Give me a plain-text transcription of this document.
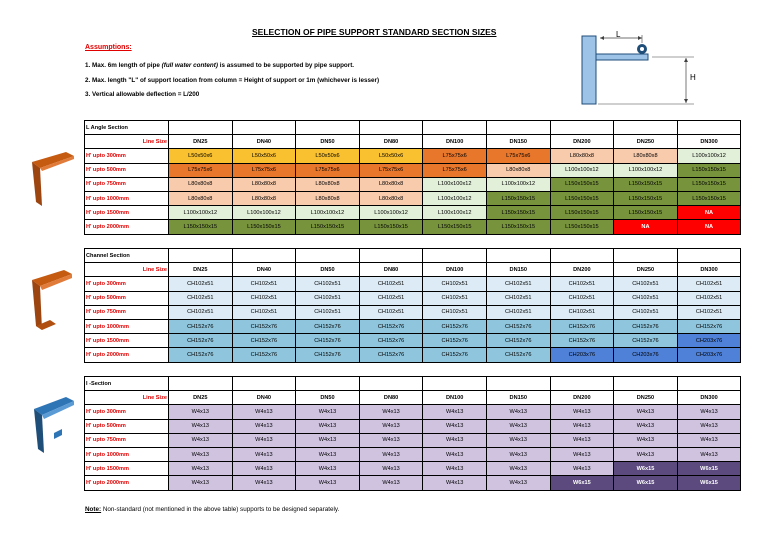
SELECTION OF PIPE SUPPORT STANDARD SECTION SIZES
Assumptions:
1. Max. 6m length of pipe (full water content) is assumed to be supported by pipe support.
2. Max. length "L" of support location from column = Height of support or 1m (whichever is lesser)
3. Vertical allowable deflection = L/200
L
H
L Angle Section									
Line Size	DN25	DN40	DN50	DN80	DN100	DN150	DN200	DN250	DN300
H' upto 300mm	L50x50x6	L50x50x6	L50x50x6	L50x50x6	L75x75x6	L75x75x6	L80x80x8	L80x80x8	L100x100x12
H' upto 500mm	L75x75x6	L75x75x6	L75x75x6	L75x75x6	L75x75x6	L80x80x8	L100x100x12	L100x100x12	L150x150x15
H' upto 750mm	L80x80x8	L80x80x8	L80x80x8	L80x80x8	L100x100x12	L100x100x12	L150x150x15	L150x150x15	L150x150x15
H' upto 1000mm	L80x80x8	L80x80x8	L80x80x8	L80x80x8	L100x100x12	L150x150x15	L150x150x15	L150x150x15	L150x150x15
H' upto 1500mm	L100x100x12	L100x100x12	L100x100x12	L100x100x12	L100x100x12	L150x150x15	L150x150x15	L150x150x15	NA
H' upto 2000mm	L150x150x15	L150x150x15	L150x150x15	L150x150x15	L150x150x15	L150x150x15	L150x150x15	NA	NA
Channel Section									
Line Size	DN25	DN40	DN50	DN80	DN100	DN150	DN200	DN250	DN300
H' upto 300mm	CH102x51	CH102x51	CH102x51	CH102x51	CH102x51	CH102x51	CH102x51	CH102x51	CH102x51
H' upto 500mm	CH102x51	CH102x51	CH102x51	CH102x51	CH102x51	CH102x51	CH102x51	CH102x51	CH102x51
H' upto 750mm	CH102x51	CH102x51	CH102x51	CH102x51	CH102x51	CH102x51	CH102x51	CH102x51	CH102x51
H' upto 1000mm	CH152x76	CH152x76	CH152x76	CH152x76	CH152x76	CH152x76	CH152x76	CH152x76	CH152x76
H' upto 1500mm	CH152x76	CH152x76	CH152x76	CH152x76	CH152x76	CH152x76	CH152x76	CH152x76	CH203x76
H' upto 2000mm	CH152x76	CH152x76	CH152x76	CH152x76	CH152x76	CH152x76	CH203x76	CH203x76	CH203x76
I -Section									
Line Size	DN25	DN40	DN50	DN80	DN100	DN150	DN200	DN250	DN300
H' upto 300mm	W4x13	W4x13	W4x13	W4x13	W4x13	W4x13	W4x13	W4x13	W4x13
H' upto 500mm	W4x13	W4x13	W4x13	W4x13	W4x13	W4x13	W4x13	W4x13	W4x13
H' upto 750mm	W4x13	W4x13	W4x13	W4x13	W4x13	W4x13	W4x13	W4x13	W4x13
H' upto 1000mm	W4x13	W4x13	W4x13	W4x13	W4x13	W4x13	W4x13	W4x13	W4x13
H' upto 1500mm	W4x13	W4x13	W4x13	W4x13	W4x13	W4x13	W4x13	W6x15	W6x15
H' upto 2000mm	W4x13	W4x13	W4x13	W4x13	W4x13	W4x13	W6x15	W6x15	W6x15
Note: Non-standard (not mentioned in the above table) supports to be designed separately.
